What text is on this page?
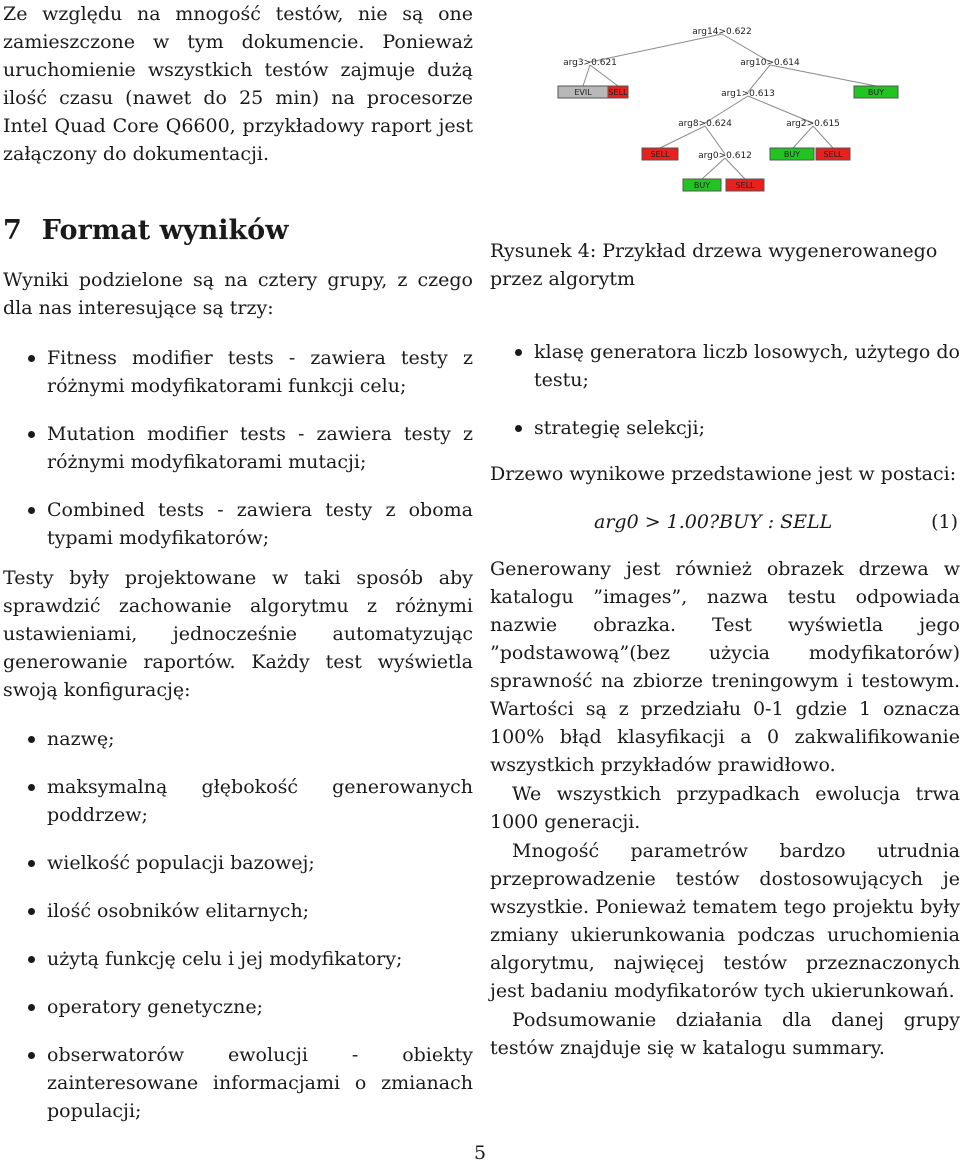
Ze względu na mnogość testów, nie są one zamieszczone w tym dokumencie. Ponieważ uruchomienie wszystkich testów zajmuje dużą ilość czasu (nawet do 25 min) na procesorze Intel Quad Core Q6600, przykładowy raport jest załączony do dokumentacji.

7 Format wyników

Wyniki podzielone są na cztery grupy, z czego dla nas interesujące są trzy:

Fitness modifier tests - zawiera testy z różnymi modyfikatorami funkcji celu;
Mutation modifier tests - zawiera testy z różnymi modyfikatorami mutacji;
Combined tests - zawiera testy z oboma typami modyfikatorów;

Testy były projektowane w taki sposób aby sprawdzić zachowanie algorytmu z różnymi ustawieniami, jednocześnie automatyzując generowanie raportów. Każdy test wyświetla swoją konfigurację:

nazwę;
maksymalną głębokość generowanych poddrzew;
wielkość populacji bazowej;
ilość osobników elitarnych;
użytą funkcję celu i jej modyfikatory;
operatory genetyczne;
obserwatorów ewolucji - obiekty zainteresowane informacjami o zmianach populacji;
arg14>0.622
arg3>0.621	arg10>0.614
arg1>0.613
arg8>0.624	arg2>0.615
arg0>0.612
EVIL SELL	BUY
SELL	BUY	SELL
BUY	SELL

Rysunek 4: Przykład drzewa wygenerowanego przez algorytm

klasę generatora liczb losowych, użytego do testu;
strategię selekcji;

Drzewo wynikowe przedstawione jest w postaci:

arg0 > 1.00?BUY : SELL	(1)

Generowany jest również obrazek drzewa w katalogu ”images”, nazwa testu odpowiada nazwie obrazka. Test wyświetla jego ”podstawową”(bez użycia modyfikatorów) sprawność na zbiorze treningowym i testowym. Wartości są z przedziału 0-1 gdzie 1 oznacza 100% błąd klasyfikacji a 0 zakwalifikowanie wszystkich przykładów prawidłowo.

We wszystkich przypadkach ewolucja trwa 1000 generacji.

Mnogość parametrów bardzo utrudnia przeprowadzenie testów dostosowujących je wszystkie. Ponieważ tematem tego projektu były zmiany ukierunkowania podczas uruchomienia algorytmu, najwięcej testów przeznaczonych jest badaniu modyfikatorów tych ukierunkowań.

Podsumowanie działania dla danej grupy testów znajduje się w katalogu summary.

5
